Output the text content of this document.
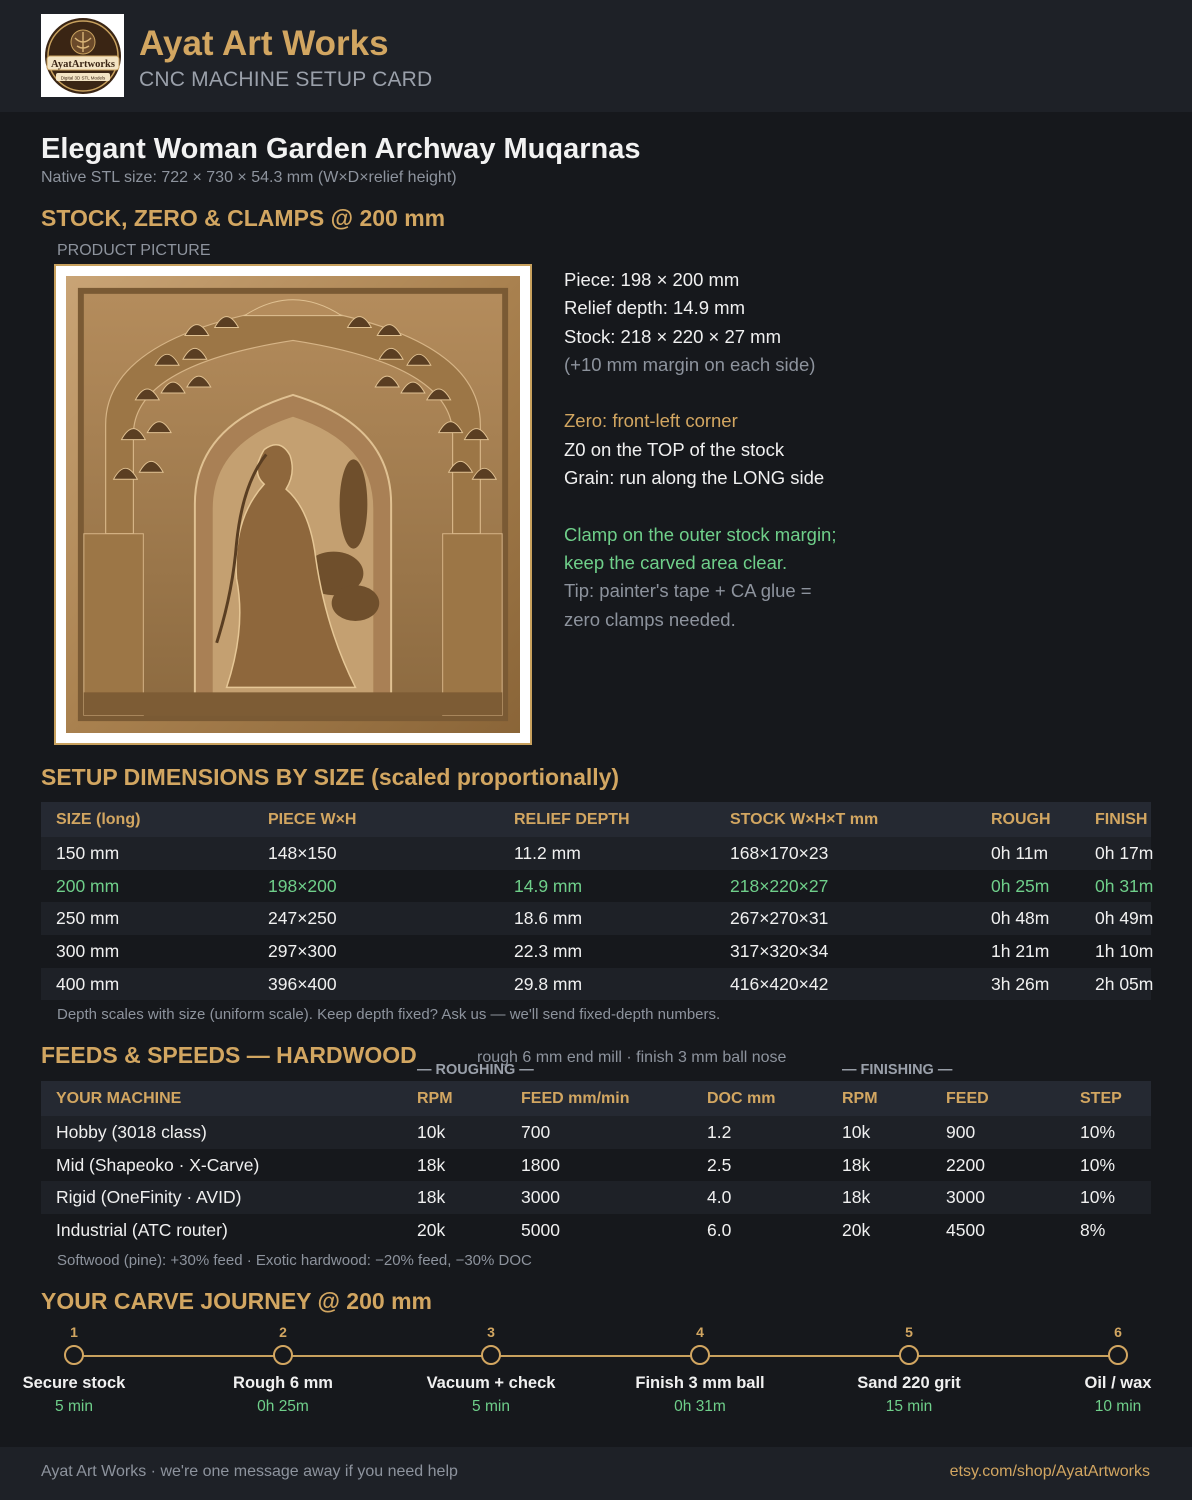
AyatArtworks
Digital 3D STL Models
Ayat Art Works
CNC MACHINE SETUP CARD
Elegant Woman Garden Archway Muqarnas
Native STL size: 722 × 730 × 54.3 mm (W×D×relief height)
STOCK, ZERO & CLAMPS @ 200 mm
PRODUCT PICTURE
Piece: 198 × 200 mm
Relief depth: 14.9 mm
Stock: 218 × 220 × 27 mm
(+10 mm margin on each side)
Zero: front-left corner
Z0 on the TOP of the stock
Grain: run along the LONG side
Clamp on the outer stock margin;
keep the carved area clear.
Tip: painter's tape + CA glue =
zero clamps needed.
SETUP DIMENSIONS BY SIZE (scaled proportionally)
SIZE (long)	PIECE W×H	RELIEF DEPTH	STOCK W×H×T mm	ROUGH	FINISH
150 mm	148×150	11.2 mm	168×170×23	0h 11m	0h 17m
200 mm	198×200	14.9 mm	218×220×27	0h 25m	0h 31m
250 mm	247×250	18.6 mm	267×270×31	0h 48m	0h 49m
300 mm	297×300	22.3 mm	317×320×34	1h 21m	1h 10m
400 mm	396×400	29.8 mm	416×420×42	3h 26m	2h 05m
Depth scales with size (uniform scale). Keep depth fixed? Ask us — we'll send fixed-depth numbers.
FEEDS & SPEEDS — HARDWOOD	rough 6 mm end mill · finish 3 mm ball nose
— ROUGHING —	— FINISHING —
YOUR MACHINE	RPM	FEED mm/min	DOC mm	RPM	FEED	STEP
Hobby (3018 class)	10k	700	1.2	10k	900	10%
Mid (Shapeoko · X-Carve)	18k	1800	2.5	18k	2200	10%
Rigid (OneFinity · AVID)	18k	3000	4.0	18k	3000	10%
Industrial (ATC router)	20k	5000	6.0	20k	4500	8%
Softwood (pine): +30% feed · Exotic hardwood: −20% feed, −30% DOC
YOUR CARVE JOURNEY @ 200 mm
1
Secure stock
5 min
2
Rough 6 mm
0h 25m
3
Vacuum + check
5 min
4
Finish 3 mm ball
0h 31m
5
Sand 220 grit
15 min
6
Oil / wax
10 min
Ayat Art Works · we're one message away if you need help	etsy.com/shop/AyatArtworks
